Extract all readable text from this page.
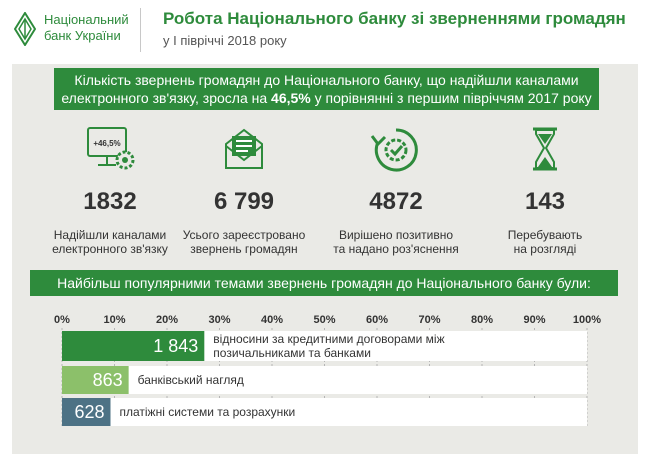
Національний
банк України
Робота Національного банку зі зверненнями громадян
у І півріччі 2018 року
Кількість звернень громадян до Національного банку, що надійшли каналами
електронного зв'язку, зросла на 46,5% у порівнянні з першим півріччям 2017 року
+46,5%
1832
Надійшли каналами
електронного зв'язку
6 799
Усього зареєстровано
звернень громадян
4872
Вирішено позитивно
та надано роз'яснення
143
Перебувають
на розгляді
Найбільш популярними темами звернень громадян до Національного банку були:
0%	10%	20%	30%	40%	50%	60%	70%	80%	90% 100%
1 843 відносини за кредитними договорами між
позичальниками та банками
863 банківський нагляд
628 платіжні системи та розрахунки
